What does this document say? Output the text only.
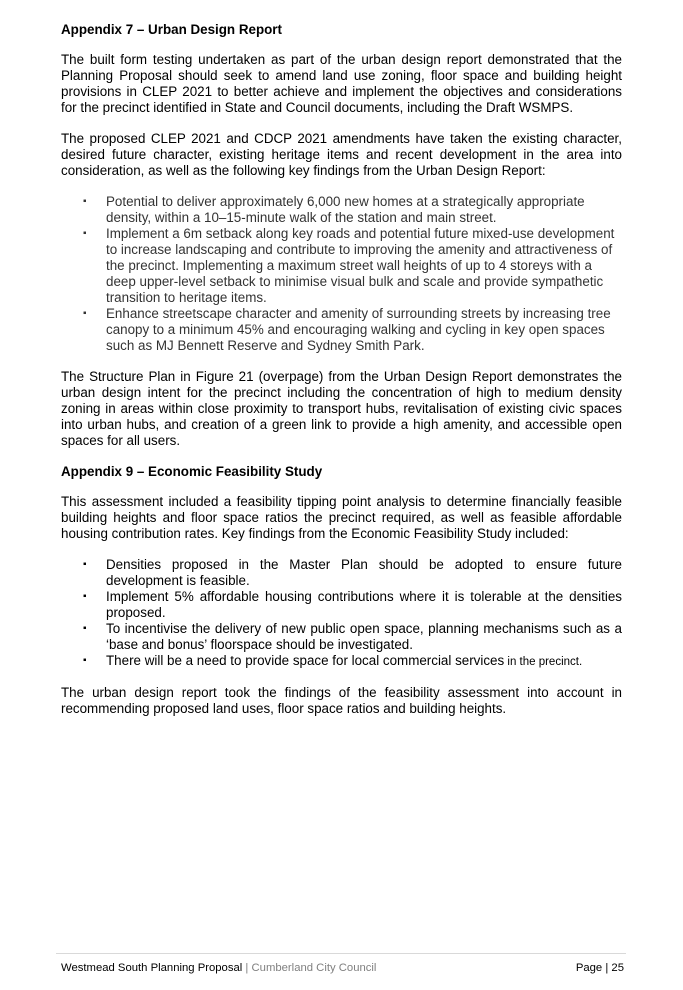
Appendix 7 – Urban Design Report

The built form testing undertaken as part of the urban design report demonstrated that the Planning Proposal should seek to amend land use zoning, floor space and building height provisions in CLEP 2021 to better achieve and implement the objectives and considerations for the precinct identified in State and Council documents, including the Draft WSMPS.

The proposed CLEP 2021 and CDCP 2021 amendments have taken the existing character, desired future character, existing heritage items and recent development in the area into consideration, as well as the following key findings from the Urban Design Report:

▪ Potential to deliver approximately 6,000 new homes at a strategically appropriate density, within a 10–15-minute walk of the station and main street.
▪ Implement a 6m setback along key roads and potential future mixed-use development to increase landscaping and contribute to improving the amenity and attractiveness of the precinct. Implementing a maximum street wall heights of up to 4 storeys with a deep upper-level setback to minimise visual bulk and scale and provide sympathetic transition to heritage items.
▪ Enhance streetscape character and amenity of surrounding streets by increasing tree canopy to a minimum 45% and encouraging walking and cycling in key open spaces such as MJ Bennett Reserve and Sydney Smith Park.

The Structure Plan in Figure 21 (overpage) from the Urban Design Report demonstrates the urban design intent for the precinct including the concentration of high to medium density zoning in areas within close proximity to transport hubs, revitalisation of existing civic spaces into urban hubs, and creation of a green link to provide a high amenity, and accessible open spaces for all users.

Appendix 9 – Economic Feasibility Study

This assessment included a feasibility tipping point analysis to determine financially feasible building heights and floor space ratios the precinct required, as well as feasible affordable housing contribution rates. Key findings from the Economic Feasibility Study included:

▪ Densities proposed in the Master Plan should be adopted to ensure future development is feasible.
▪ Implement 5% affordable housing contributions where it is tolerable at the densities proposed.
▪ To incentivise the delivery of new public open space, planning mechanisms such as a ‘base and bonus’ floorspace should be investigated.
▪ There will be a need to provide space for local commercial services in the precinct.

The urban design report took the findings of the feasibility assessment into account in recommending proposed land uses, floor space ratios and building heights.

Westmead South Planning Proposal | Cumberland City Council	Page | 25
